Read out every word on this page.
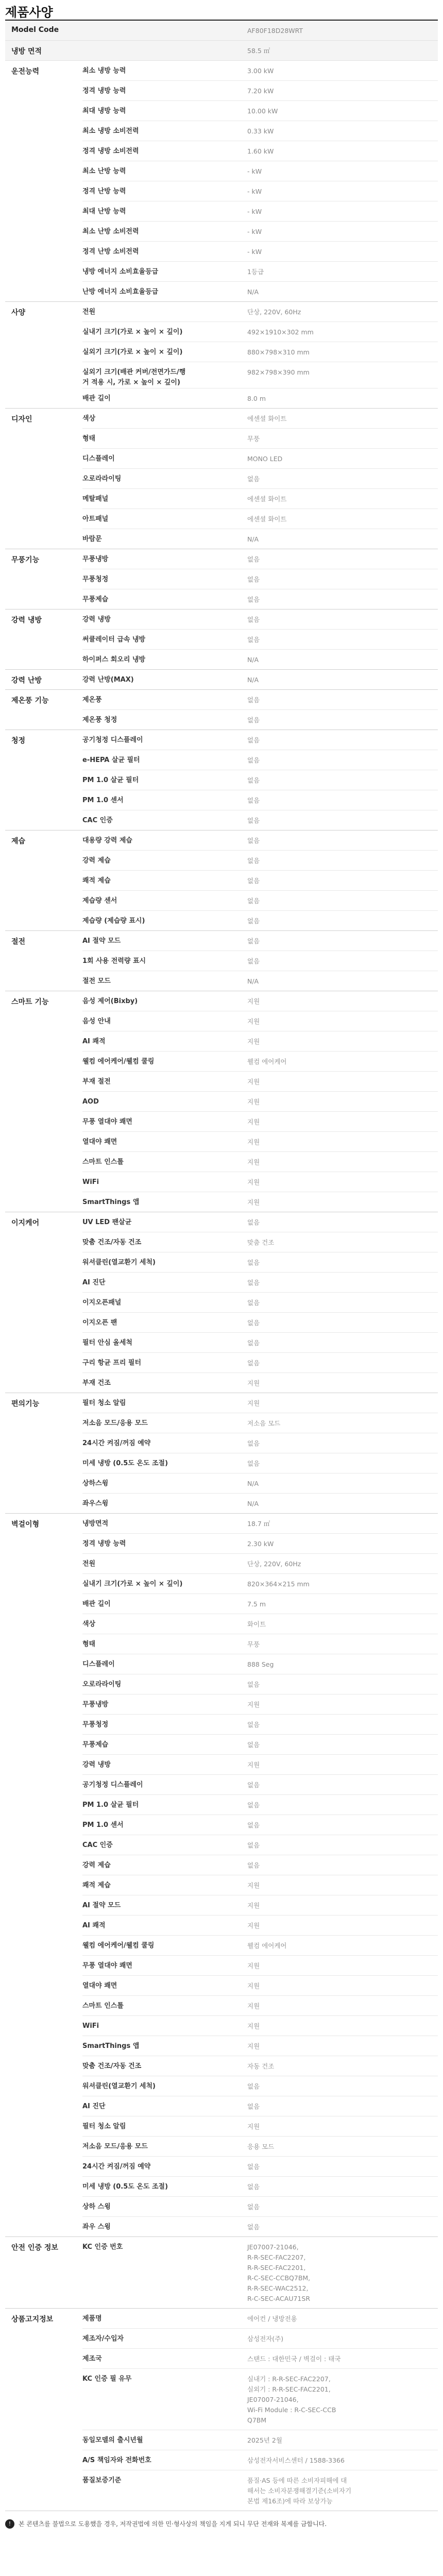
제품사양
Model Code	AF80F18D28WRT
냉방 면적	58.5 ㎡
운전능력	최소 냉방 능력	3.00 kW
정격 냉방 능력	7.20 kW
최대 냉방 능력	10.00 kW
최소 냉방 소비전력	0.33 kW
정격 냉방 소비전력	1.60 kW
최소 난방 능력	- kW
정격 난방 능력	- kW
최대 난방 능력	- kW
최소 난방 소비전력	- kW
정격 난방 소비전력	- kW
냉방 에너지 소비효율등급	1등급
난방 에너지 소비효율등급	N/A
사양	전원	단상, 220V, 60Hz
실내기 크기(가로 × 높이 × 깊이)	492×1910×302 mm
실외기 크기(가로 × 높이 × 깊이)	880×798×310 mm
실외기 크기(배관 커버/전면가드/행
거 적용 시, 가로 × 높이 × 깊이)
982×798×390 mm
배관 길이	8.0 m
디자인	색상	에센셜 화이트
형태	무풍
디스플레이	MONO LED
오로라라이팅	없음
메탈패널	에센셜 화이트
아트패널	에센셜 화이트
바람문	N/A
무풍기능	무풍냉방	없음
무풍청정	없음
무풍제습	없음
강력 냉방	강력 냉방	없음
써큘레이터 급속 냉방	없음
하이퍼스 회오리 냉방	N/A
강력 난방	강력 난방(MAX)	N/A
제온풍 기능	제온풍	없음
제온풍 청정	없음
청정	공기청정 디스플레이	없음
e-HEPA 살균 필터	없음
PM 1.0 살균 필터	없음
PM 1.0 센서	없음
CAC 인증	없음
제습	대용량 강력 제습	없음
강력 제습	없음
쾌적 제습	없음
제습량 센서	없음
제습량 (제습량 표시)	없음
절전	AI 절약 모드	없음
1회 사용 전력량 표시	없음
절전 모드	N/A
스마트 기능	음성 제어(Bixby)	지원
음성 안내	지원
AI 쾌적	지원
웰컴 에어케어/웰컴 쿨링	웰컴 에어케어
부재 절전	지원
AOD	지원
무풍 열대야 쾌면	지원
열대야 쾌면	지원
스마트 인스톨	지원
WiFi	지원
SmartThings 앱	지원
이지케어	UV LED 팬살균	없음
맞춤 건조/자동 건조	맞춤 건조
워셔클린(열교환기 세척)	없음
AI 진단	없음
이지오픈패널	없음
이지오픈 팬	없음
필터 안심 올세척	없음
구리 항균 프리 필터	없음
부재 건조	지원
편의기능	필터 청소 알림	지원
저소음 모드/응용 모드	저소음 모드
24시간 켜짐/꺼짐 예약	없음
미세 냉방 (0.5도 온도 조절)	없음
상하스윙	N/A
좌우스윙	N/A
벽걸이형	냉방면적	18.7 ㎡
정격 냉방 능력	2.30 kW
전원	단상, 220V, 60Hz
실내기 크기(가로 × 높이 × 깊이)	820×364×215 mm
배관 길이	7.5 m
색상	화이트
형태	무풍
디스플레이	888 Seg
오로라라이팅	없음
무풍냉방	지원
무풍청정	없음
무풍제습	없음
강력 냉방	지원
공기청정 디스플레이	없음
PM 1.0 살균 필터	없음
PM 1.0 센서	없음
CAC 인증	없음
강력 제습	없음
쾌적 제습	지원
AI 절약 모드	지원
AI 쾌적	지원
웰컴 에어케어/웰컴 쿨링	웰컴 에어케어
무풍 열대야 쾌면	지원
열대야 쾌면	지원
스마트 인스톨	지원
WiFi	지원
SmartThings 앱	지원
맞춤 건조/자동 건조	자동 건조
워셔클린(열교환기 세척)	없음
AI 진단	없음
필터 청소 알림	지원
저소음 모드/응용 모드	응용 모드
24시간 켜짐/꺼짐 예약	없음
미세 냉방 (0.5도 온도 조절)	없음
상하 스윙	없음
좌우 스윙	없음
안전 인증 정보	KC 인증 번호	JE07007-21046,
R-R-SEC-FAC2207,
R-R-SEC-FAC2201,
R-C-SEC-CCBQ7BM,
R-R-SEC-WAC2512,
R-C-SEC-ACAU71SR
상품고지정보	제품명	에어컨 / 냉방전용
제조자/수입자	삼성전자(주)
제조국	스탠드 : 대한민국 / 벽걸이 : 태국
KC 인증 필 유무	실내기 : R-R-SEC-FAC2207,
실외기 : R-R-SEC-FAC2201,
JE07007-21046,
Wi-Fi Module : R-C-SEC-CCB
Q7BM
동일모델의 출시년월	2025년 2월
A/S 책임자와 전화번호	삼성전자서비스센터 / 1588-3366
품질보증기준	품질·AS 등에 따른 소비자피해에 대
해서는 소비자분쟁해결기준(소비자기
본법 제16조)에 따라 보상가능
!	본 콘텐츠를 불법으로 도용했을 경우, 저작권법에 의한 민·형사상의 책임을 지게 되니 무단 전재와 복제를 금합니다.
